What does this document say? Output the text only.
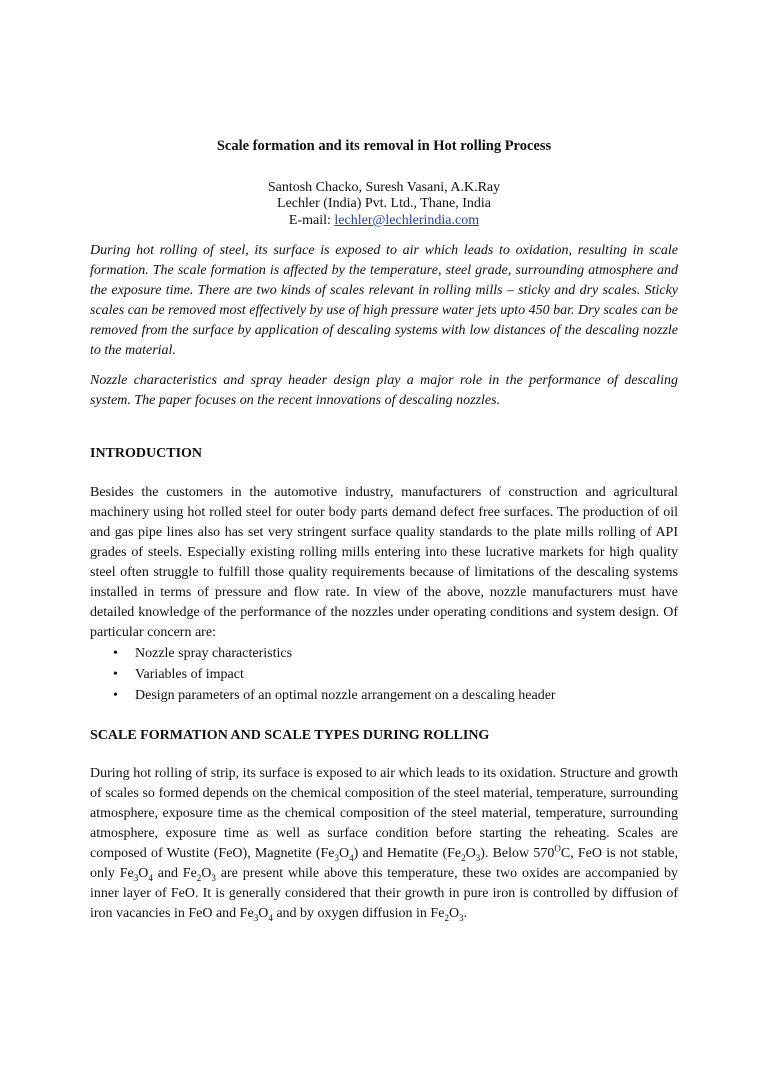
Scale formation and its removal in Hot rolling Process
Santosh Chacko, Suresh Vasani, A.K.Ray
Lechler (India) Pvt. Ltd., Thane, India
E-mail: lechler@lechlerindia.com

During hot rolling of steel, its surface is exposed to air which leads to oxidation, resulting in scale formation. The scale formation is affected by the temperature, steel grade, surrounding atmosphere and the exposure time. There are two kinds of scales relevant in rolling mills – sticky and dry scales. Sticky scales can be removed most effectively by use of high pressure water jets upto 450 bar. Dry scales can be removed from the surface by application of descaling systems with low distances of the descaling nozzle to the material.

Nozzle characteristics and spray header design play a major role in the performance of descaling system. The paper focuses on the recent innovations of descaling nozzles.

INTRODUCTION

Besides the customers in the automotive industry, manufacturers of construction and agricultural machinery using hot rolled steel for outer body parts demand defect free surfaces. The production of oil and gas pipe lines also has set very stringent surface quality standards to the plate mills rolling of API grades of steels. Especially existing rolling mills entering into these lucrative markets for high quality steel often struggle to fulfill those quality requirements because of limitations of the descaling systems installed in terms of pressure and flow rate. In view of the above, nozzle manufacturers must have detailed knowledge of the performance of the nozzles under operating conditions and system design. Of particular concern are:

• Nozzle spray characteristics
• Variables of impact
• Design parameters of an optimal nozzle arrangement on a descaling header
SCALE FORMATION AND SCALE TYPES DURING ROLLING

During hot rolling of strip, its surface is exposed to air which leads to its oxidation. Structure and growth of scales so formed depends on the chemical composition of the steel material, temperature, surrounding atmosphere, exposure time as the chemical composition of the steel material, temperature, surrounding atmosphere, exposure time as well as surface condition before starting the reheating. Scales are composed of Wustite (FeO), Magnetite $(Fe_3O_4)$ and Hematite $(Fe_2O_3)$. Below $570^OC$, FeO is not stable, only $Fe_3O_4$ and $Fe_2O_3$ are present while above this temperature, these two oxides are accompanied by inner layer of FeO. It is generally considered that their growth in pure iron is controlled by diffusion of iron vacancies in FeO and $Fe_3O_4$ and by oxygen diffusion in $Fe_2O_3$.
